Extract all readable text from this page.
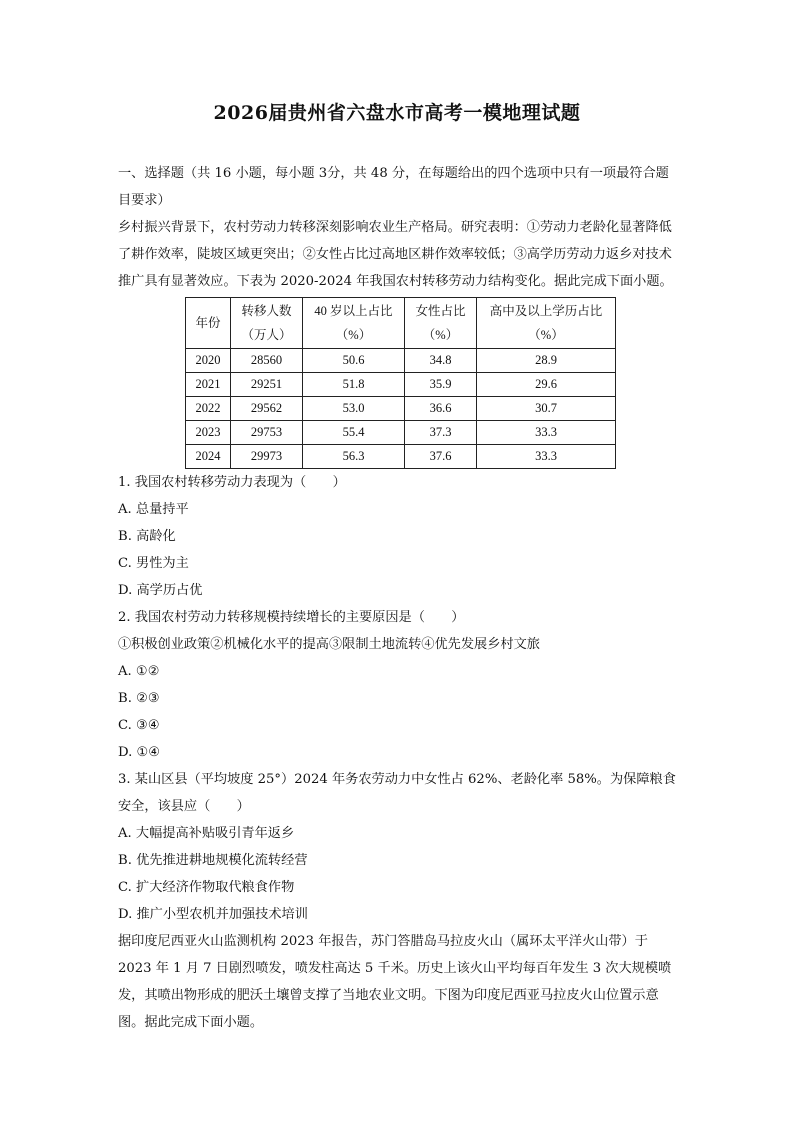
2026届贵州省六盘水市高考一模地理试题

一、选择题（共 16 小题，每小题 3分，共 48 分，在每题给出的四个选项中只有一项最符合题目要求）

乡村振兴背景下，农村劳动力转移深刻影响农业生产格局。研究表明：①劳动力老龄化显著降低了耕作效率，陡坡区域更突出；②女性占比过高地区耕作效率较低；③高学历劳动力返乡对技术推广具有显著效应。下表为 2020-2024 年我国农村转移劳动力结构变化。据此完成下面小题。

年份	转移人数（万人）	40 岁以上占比（%）	女性占比（%）	高中及以上学历占比（%）
2020	28560	50.6	34.8	28.9
2021	29251	51.8	35.9	29.6
2022	29562	53.0	36.6	30.7
2023	29753	55.4	37.3	33.3
2024	29973	56.3	37.6	33.3

1. 我国农村转移劳动力表现为（　　）

A. 总量持平
B. 高龄化
C. 男性为主
D. 高学历占优

2. 我国农村劳动力转移规模持续增长的主要原因是（　　）

①积极创业政策②机械化水平的提高③限制土地流转④优先发展乡村文旅

A. ①②
B. ②③
C. ③④
D. ①④

3. 某山区县（平均坡度 25°）2024 年务农劳动力中女性占 62%、老龄化率 58%。为保障粮食安全，该县应（　　）

A. 大幅提高补贴吸引青年返乡
B. 优先推进耕地规模化流转经营
C. 扩大经济作物取代粮食作物
D. 推广小型农机并加强技术培训

据印度尼西亚火山监测机构 2023 年报告，苏门答腊岛马拉皮火山（属环太平洋火山带）于 2023 年 1 月 7 日剧烈喷发，喷发柱高达 5 千米。历史上该火山平均每百年发生 3 次大规模喷发，其喷出物形成的肥沃土壤曾支撑了当地农业文明。下图为印度尼西亚马拉皮火山位置示意图。据此完成下面小题。
